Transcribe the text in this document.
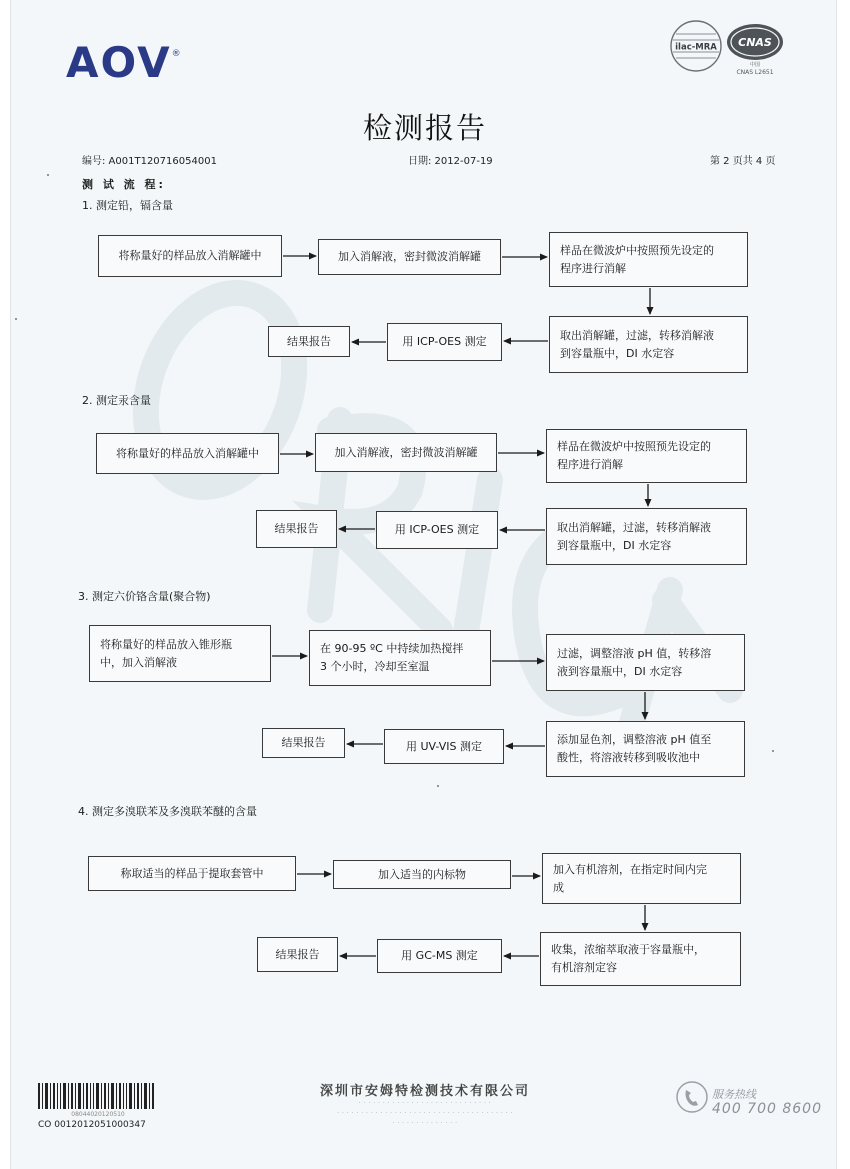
AOV®
ilac-MRA CNAS
中国
CNAS L2651
检测报告
编号: A001T120716054001	日期: 2012-07-19	第 2 页共 4 页
测 试 流 程:
1. 测定铅，镉含量
将称量好的样品放入消解罐中	加入消解液，密封微波消解罐	样品在微波炉中按照预先设定的
程序进行消解
取出消解罐，过滤，转移消解液
到容量瓶中，DI 水定容
用 ICP-OES 测定
结果报告
2. 测定汞含量
将称量好的样品放入消解罐中	加入消解液，密封微波消解罐	样品在微波炉中按照预先设定的
程序进行消解
取出消解罐，过滤，转移消解液
到容量瓶中，DI 水定容
用 ICP-OES 测定
结果报告
3. 测定六价铬含量(聚合物)
将称量好的样品放入锥形瓶
中，加入消解液
在 90-95 ºC 中持续加热搅拌
3 个小时，冷却至室温
过滤，调整溶液 pH 值，转移溶
液到容量瓶中，DI 水定容
添加显色剂，调整溶液 pH 值至
酸性，将溶液转移到吸收池中
用 UV-VIS 测定
结果报告
4. 测定多溴联苯及多溴联苯醚的含量
称取适当的样品于提取套管中	加入适当的内标物	加入有机溶剂，在指定时间内完
成
收集，浓缩萃取液于容量瓶中，
有机溶剂定容
用 GC-MS 测定
结果报告
08044020120510
CO 0012012051000347
深圳市安姆特检测技术有限公司
· · · · · · · · · · · · · · · · · · · · · · · · · · · ·
· · · · · · · · · · · · · · · · · · · · · · · · · · · · · · · · · · · · ·
· · · · · · · · · · · · · ·
服务热线
400 700 8600
